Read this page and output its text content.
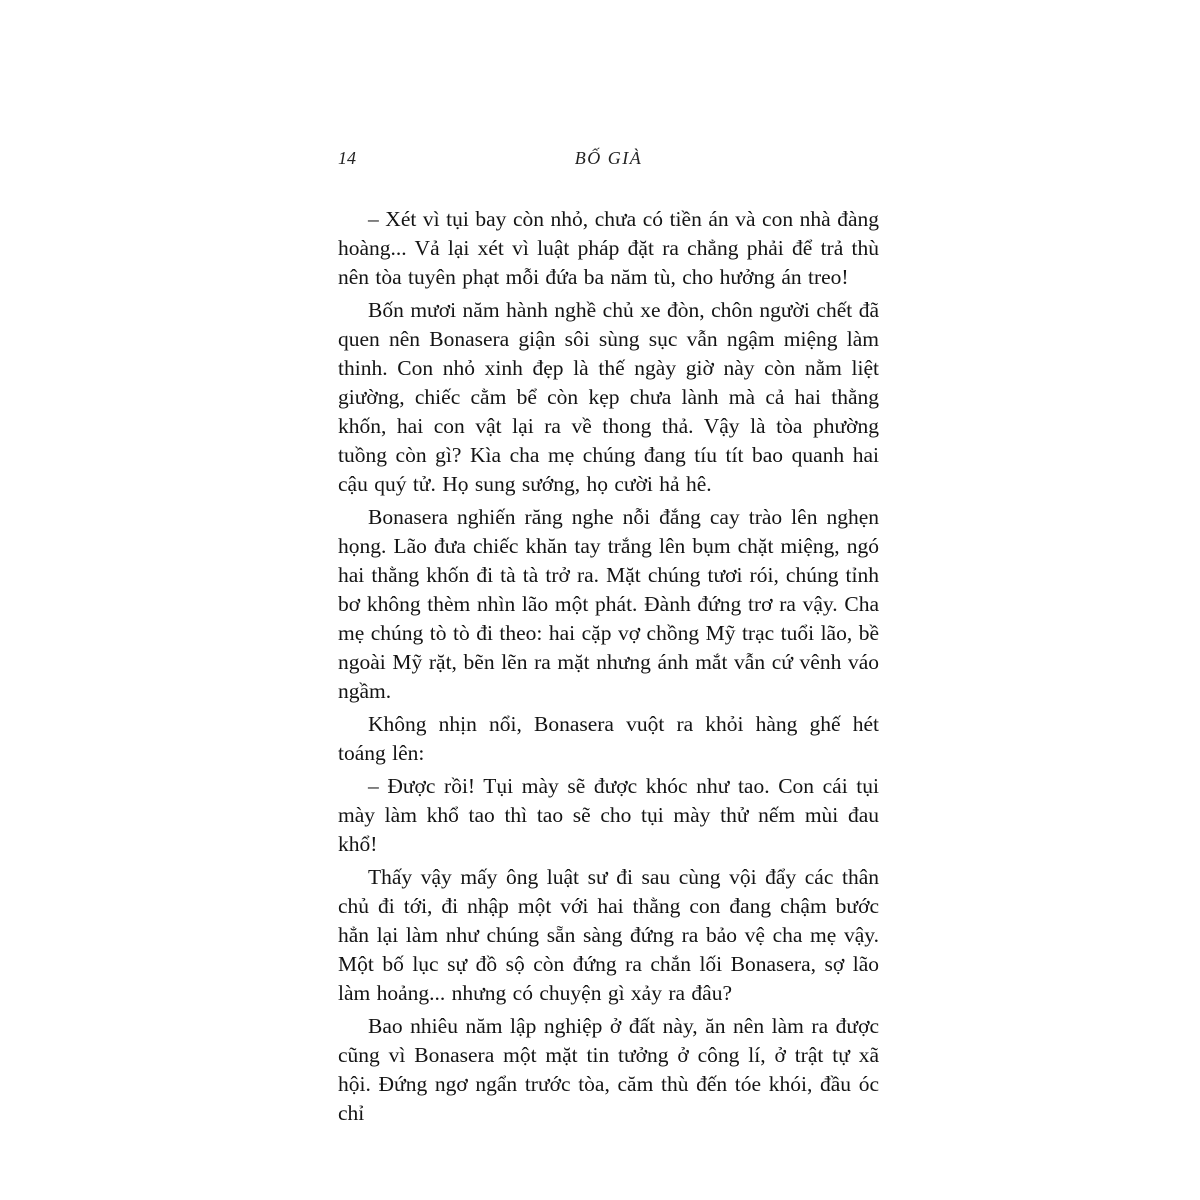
14	BỐ GIÀ

– Xét vì tụi bay còn nhỏ, chưa có tiền án và con nhà đàng hoàng... Vả lại xét vì luật pháp đặt ra chẳng phải để trả thù nên tòa tuyên phạt mỗi đứa ba năm tù, cho hưởng án treo!

Bốn mươi năm hành nghề chủ xe đòn, chôn người chết đã quen nên Bonasera giận sôi sùng sục vẫn ngậm miệng làm thinh. Con nhỏ xinh đẹp là thế ngày giờ này còn nằm liệt giường, chiếc cằm bể còn kẹp chưa lành mà cả hai thằng khốn, hai con vật lại ra về thong thả. Vậy là tòa phường tuồng còn gì? Kìa cha mẹ chúng đang tíu tít bao quanh hai cậu quý tử. Họ sung sướng, họ cười hả hê.

Bonasera nghiến răng nghe nỗi đắng cay trào lên nghẹn họng. Lão đưa chiếc khăn tay trắng lên bụm chặt miệng, ngó hai thằng khốn đi tà tà trở ra. Mặt chúng tươi rói, chúng tỉnh bơ không thèm nhìn lão một phát. Đành đứng trơ ra vậy. Cha mẹ chúng tò tò đi theo: hai cặp vợ chồng Mỹ trạc tuổi lão, bề ngoài Mỹ rặt, bẽn lẽn ra mặt nhưng ánh mắt vẫn cứ vênh váo ngầm.

Không nhịn nổi, Bonasera vuột ra khỏi hàng ghế hét toáng lên:

– Được rồi! Tụi mày sẽ được khóc như tao. Con cái tụi mày làm khổ tao thì tao sẽ cho tụi mày thử nếm mùi đau khổ!

Thấy vậy mấy ông luật sư đi sau cùng vội đẩy các thân chủ đi tới, đi nhập một với hai thằng con đang chậm bước hẳn lại làm như chúng sẵn sàng đứng ra bảo vệ cha mẹ vậy. Một bố lục sự đồ sộ còn đứng ra chắn lối Bonasera, sợ lão làm hoảng... nhưng có chuyện gì xảy ra đâu?

Bao nhiêu năm lập nghiệp ở đất này, ăn nên làm ra được cũng vì Bonasera một mặt tin tưởng ở công lí, ở trật tự xã hội. Đứng ngơ ngẩn trước tòa, căm thù đến tóe khói, đầu óc chỉ
